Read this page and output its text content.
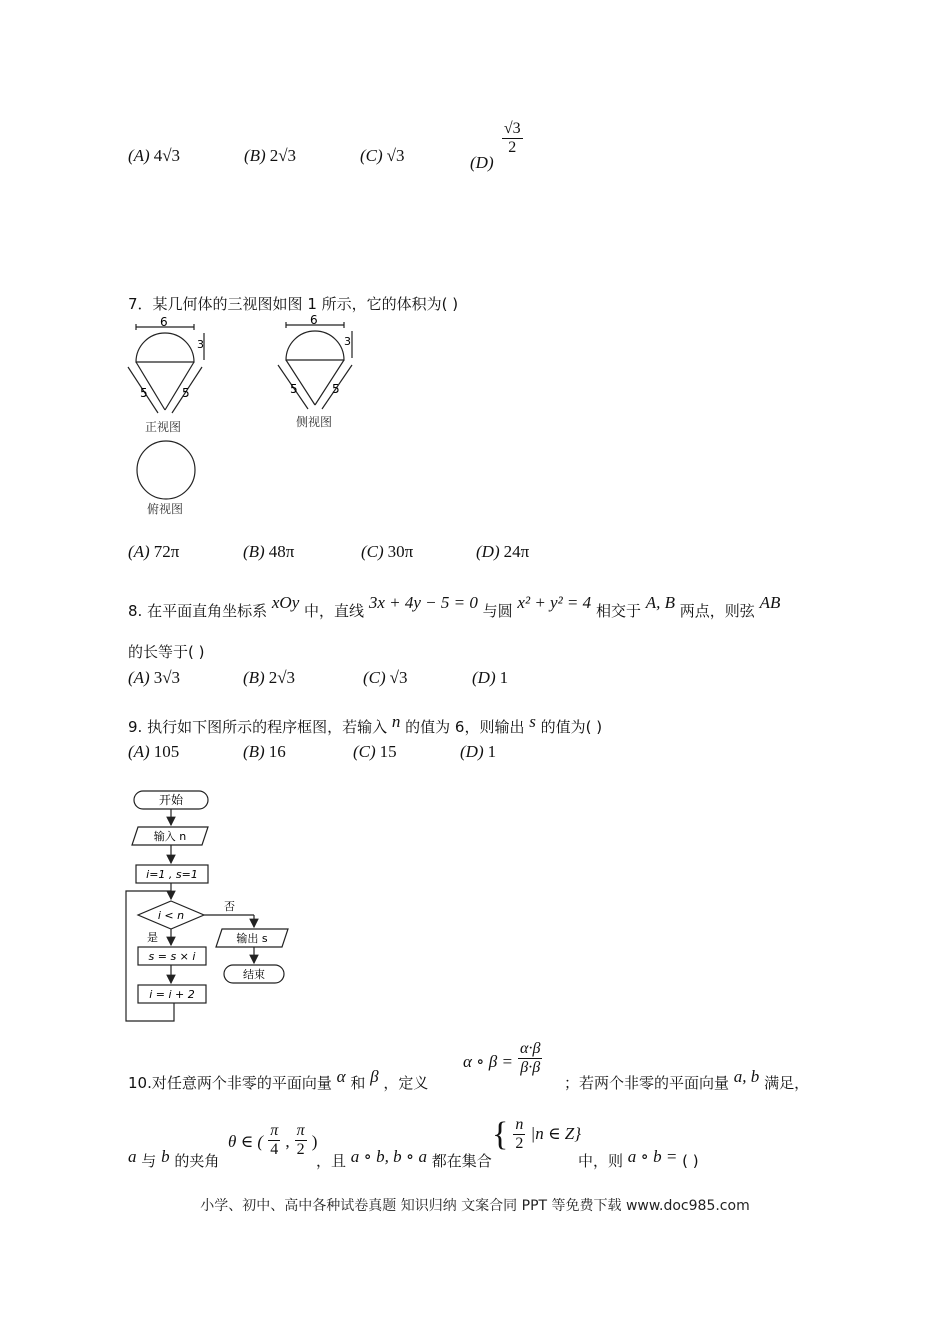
(A) 4√3	(B) 2√3	(C) √3	(D)
$\frac{√3}{2}$
7．某几何体的三视图如图 1 所示，它的体积为( )
6
3
5	5
正视图
6
3
5	5
侧视图
俯视图
(A) 72π	(B) 48π	(C) 30π	(D) 24π
8. 在平面直角坐标系 xOy 中，直线 3x + 4y − 5 = 0 与圆 x² + y² = 4 相交于 A, B 两点，则弦 AB
的长等于( )
(A) 3√3	(B) 2√3	(C) √3	(D) 1
9. 执行如下图所示的程序框图，若输入 n 的值为 6，则输出 s 的值为( )
(A) 105	(B) 16	(C) 15	(D) 1
开始
输入 n
i=1 , s=1
i < n
否
是	输出 s
结束
s = s × i
i = i + 2
10.对任意两个非零的平面向量 α 和 β ，定义
α ∘ $\beta = \frac{\alpha\cdot\beta}{\beta\cdot\beta}$
；若两个非零的平面向量 a, b 满足，
a 与 b 的夹角
θ ∈ ( $\frac{\pi}{4}$ , $\frac{\pi}{2}$ )
，且 a ∘ b, b ∘ a 都在集合
{ $\frac{n}{2} |n$ ∈ Z}
中，则 a ∘ b = ( )
小学、初中、高中各种试卷真题 知识归纳 文案合同 PPT 等免费下载 www.doc985.com
